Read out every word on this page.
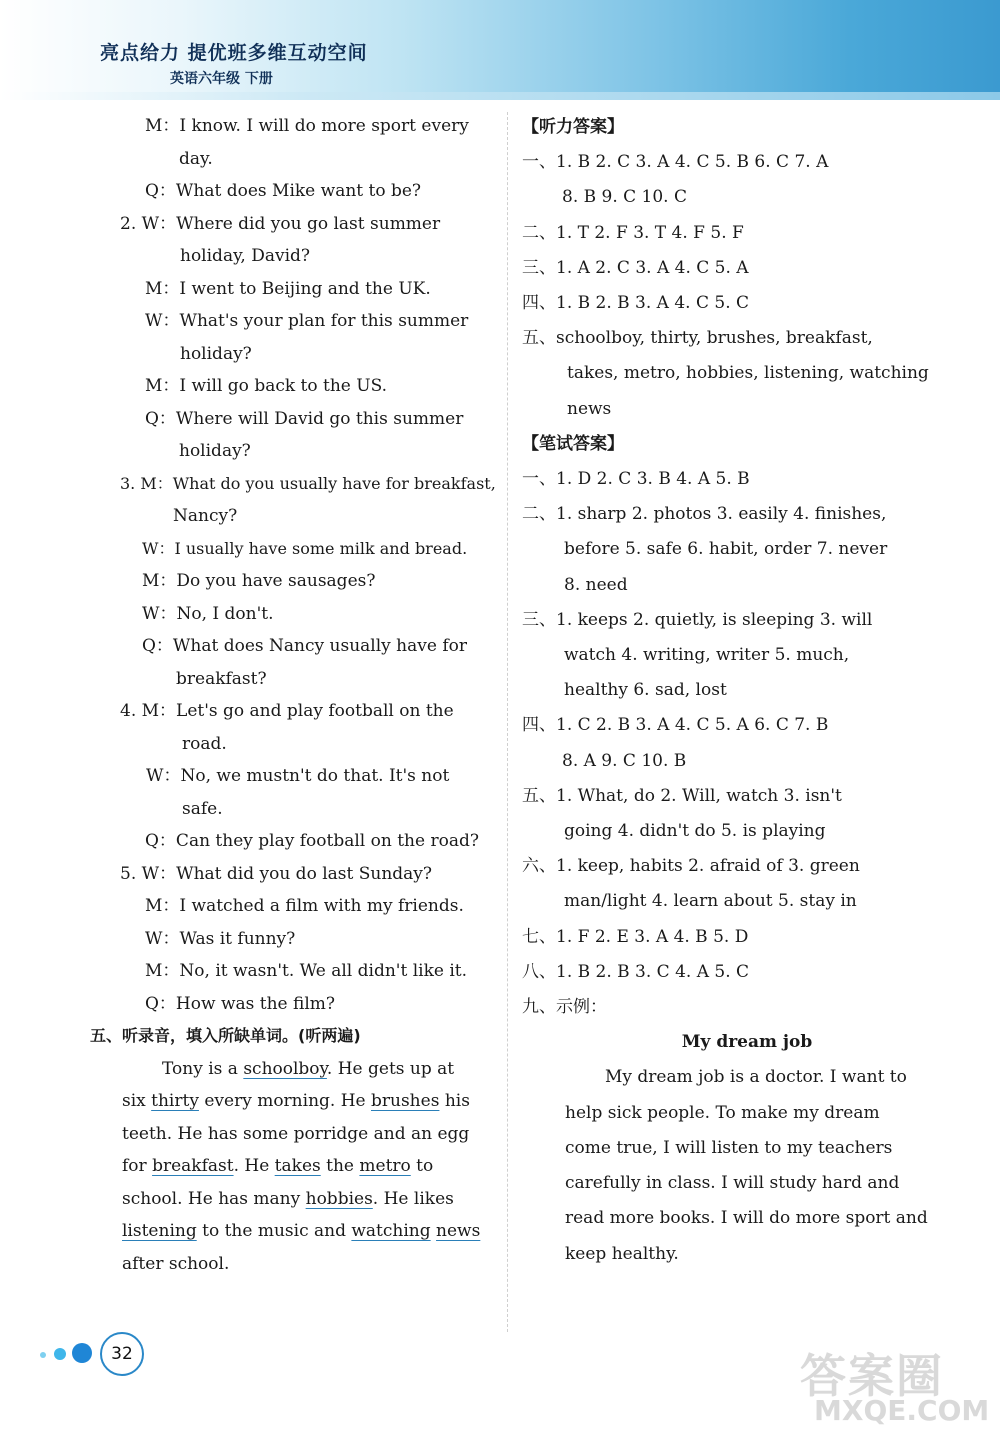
亮点给力 提优班多维互动空间
英语六年级 下册
M：I know. I will do more sport every
day.
Q：What does Mike want to be?
2. W：Where did you go last summer
holiday, David?
M：I went to Beijing and the UK.
W：What's your plan for this summer
holiday?
M：I will go back to the US.
Q：Where will David go this summer
holiday?
3. M：What do you usually have for breakfast,
Nancy?
W：I usually have some milk and bread.
M：Do you have sausages?
W：No, I don't.
Q：What does Nancy usually have for
breakfast?
4. M：Let's go and play football on the
road.
W：No, we mustn't do that. It's not
safe.
Q：Can they play football on the road?
5. W：What did you do last Sunday?
M：I watched a film with my friends.
W：Was it funny?
M：No, it wasn't. We all didn't like it.
Q：How was the film?
五、听录音，填入所缺单词。(听两遍)
Tony is a schoolboy. He gets up at
six thirty every morning. He brushes his
teeth. He has some porridge and an egg
for breakfast. He takes the metro to
school. He has many hobbies. He likes
listening to the music and watching news
after school.
【听力答案】
一、1. B 2. C 3. A 4. C 5. B 6. C 7. A
8. B 9. C 10. C
二、1. T 2. F 3. T 4. F 5. F
三、1. A 2. C 3. A 4. C 5. A
四、1. B 2. B 3. A 4. C 5. C
五、schoolboy, thirty, brushes, breakfast,
takes, metro, hobbies, listening, watching
news
【笔试答案】
一、1. D 2. C 3. B 4. A 5. B
二、1. sharp 2. photos 3. easily 4. finishes,
before 5. safe 6. habit, order 7. never
8. need
三、1. keeps 2. quietly, is sleeping 3. will
watch 4. writing, writer 5. much,
healthy 6. sad, lost
四、1. C 2. B 3. A 4. C 5. A 6. C 7. B
8. A 9. C 10. B
五、1. What, do 2. Will, watch 3. isn't
going 4. didn't do 5. is playing
六、1. keep, habits 2. afraid of 3. green
man/light 4. learn about 5. stay in
七、1. F 2. E 3. A 4. B 5. D
八、1. B 2. B 3. C 4. A 5. C
九、示例：
My dream job
My dream job is a doctor. I want to
help sick people. To make my dream
come true, I will listen to my teachers
carefully in class. I will study hard and
read more books. I will do more sport and
keep healthy.
32	答案圈
MXQE.COM
